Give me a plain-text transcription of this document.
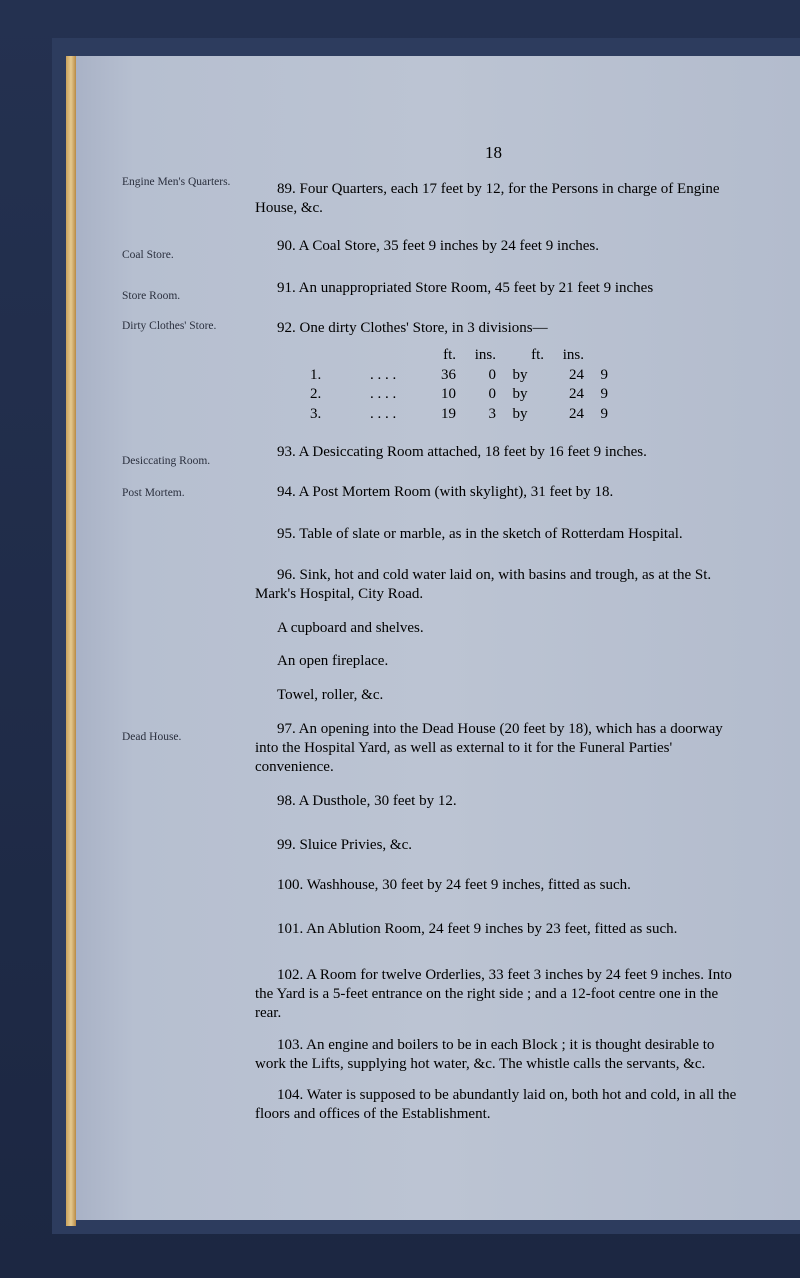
18
Engine Men's Quarters.
Coal Store.
Store Room.
Dirty Clothes' Store.
Desiccating Room.
Post Mortem.
Dead House.
89. Four Quarters, each 17 feet by 12, for the Persons in charge of Engine House, &c.
90. A Coal Store, 35 feet 9 inches by 24 feet 9 inches.
91. An unappropriated Store Room, 45 feet by 21 feet 9 inches
92. One dirty Clothes' Store, in 3 divisions—
		ft.	ins.	ft.	ins.	
1.	. . . .	36	0	by	24	9
2.	. . . .	10	0	by	24	9
3.	. . . .	19	3	by	24	9
93. A Desiccating Room attached, 18 feet by 16 feet 9 inches.
94. A Post Mortem Room (with skylight), 31 feet by 18.
95. Table of slate or marble, as in the sketch of Rotterdam Hospital.
96. Sink, hot and cold water laid on, with basins and trough, as at the St. Mark's Hospital, City Road.
A cupboard and shelves.
An open fireplace.
Towel, roller, &c.
97. An opening into the Dead House (20 feet by 18), which has a doorway into the Hospital Yard, as well as external to it for the Funeral Parties' convenience.
98. A Dusthole, 30 feet by 12.
99. Sluice Privies, &c.
100. Washhouse, 30 feet by 24 feet 9 inches, fitted as such.
101. An Ablution Room, 24 feet 9 inches by 23 feet, fitted as such.
102. A Room for twelve Orderlies, 33 feet 3 inches by 24 feet 9 inches. Into the Yard is a 5-feet entrance on the right side ; and a 12-foot centre one in the rear.
103. An engine and boilers to be in each Block ; it is thought desirable to work the Lifts, supplying hot water, &c. The whistle calls the servants, &c.
104. Water is supposed to be abundantly laid on, both hot and cold, in all the floors and offices of the Establishment.
